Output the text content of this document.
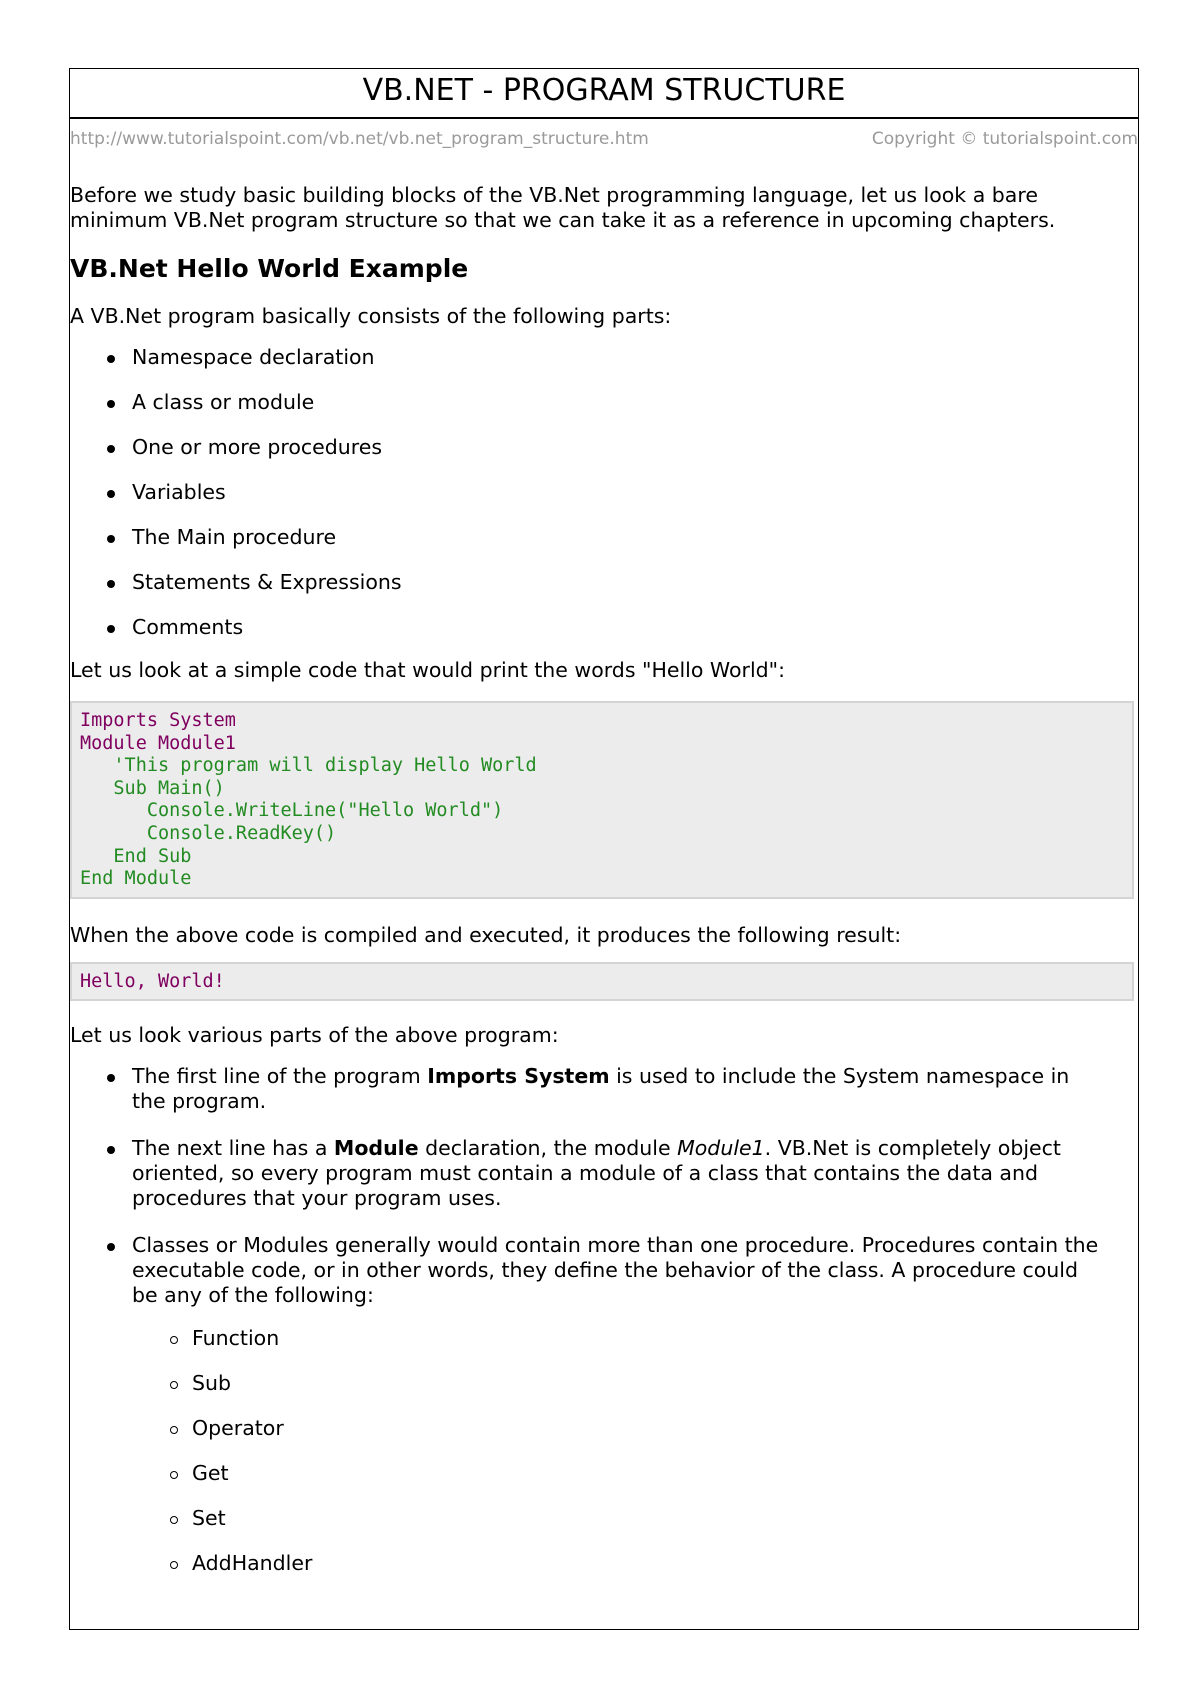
VB.NET - PROGRAM STRUCTURE
http://www.tutorialspoint.com/vb.net/vb.net_program_structure.htm	Copyright © tutorialspoint.com

Before we study basic building blocks of the VB.Net programming language, let us look a bare minimum VB.Net program structure so that we can take it as a reference in upcoming chapters.

VB.Net Hello World Example

A VB.Net program basically consists of the following parts:

Namespace declaration
A class or module
One or more procedures
Variables
The Main procedure
Statements & Expressions
Comments

Let us look at a simple code that would print the words "Hello World":

Imports System
Module Module1
'This program will display Hello World
Sub Main()
Console.WriteLine("Hello World")
Console.ReadKey()
End Sub
End Module

When the above code is compiled and executed, it produces the following result:

Hello, World!

Let us look various parts of the above program:

The first line of the program Imports System is used to include the System namespace in the program.
The next line has a Module declaration, the module Module1. VB.Net is completely object oriented, so every program must contain a module of a class that contains the data and procedures that your program uses.
Classes or Modules generally would contain more than one procedure. Procedures contain the executable code, or in other words, they define the behavior of the class. A procedure could be any of the following:
Function
Sub
Operator
Get
Set
AddHandler
